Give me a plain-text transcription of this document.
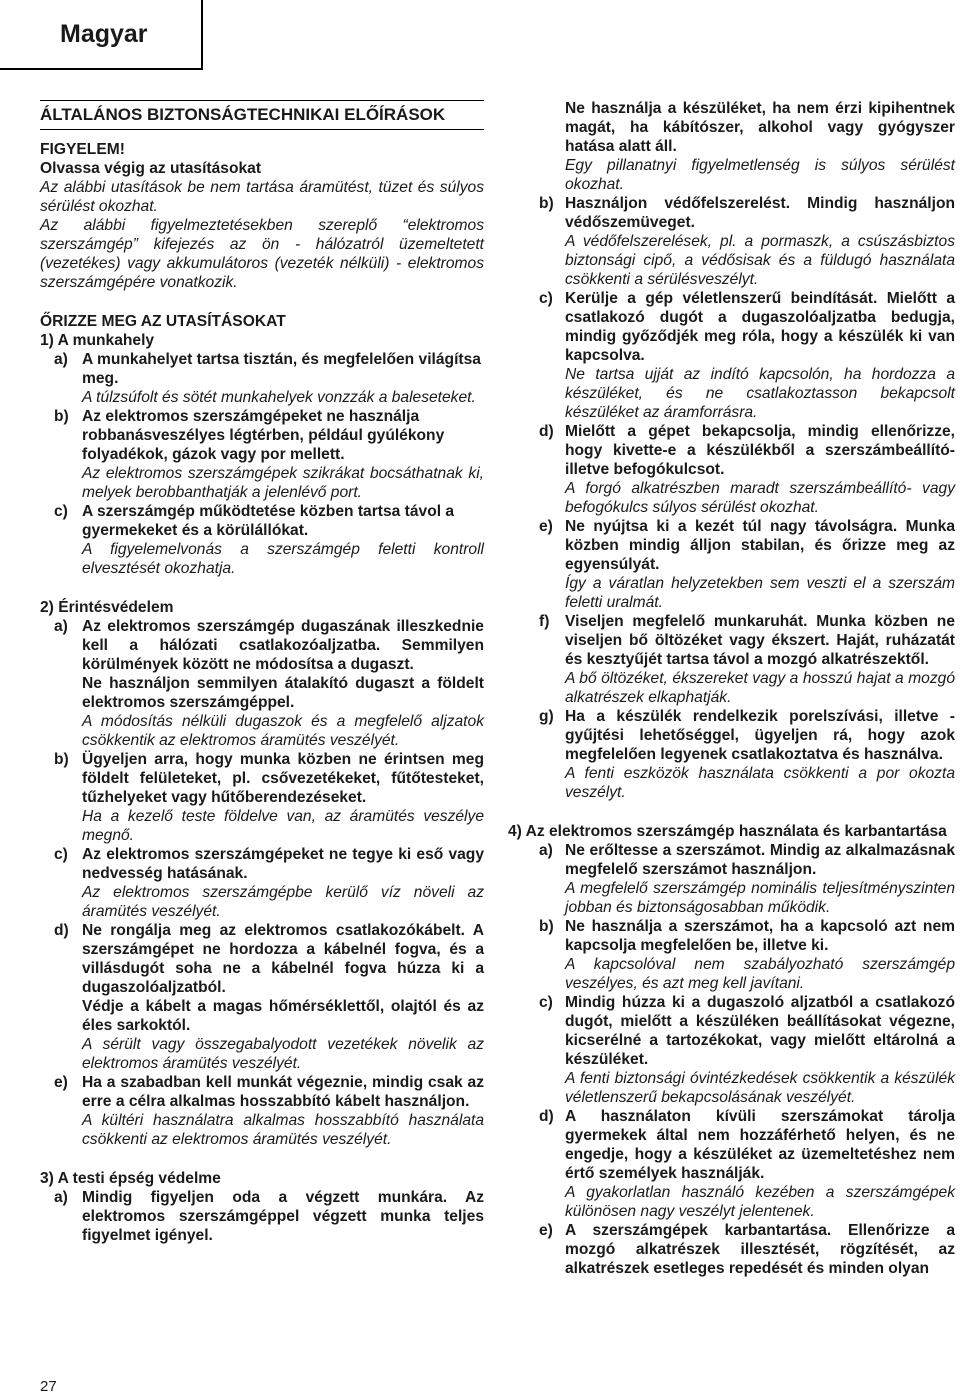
Magyar
ÁLTALÁNOS BIZTONSÁGTECHNIKAI ELŐÍRÁSOK

FIGYELEM!

Olvassa végig az utasításokat

Az alábbi utasítások be nem tartása áramütést, tüzet és súlyos sérülést okozhat.

Az alábbi figyelmeztetésekben szereplő “elektromos szerszámgép” kifejezés az ön - hálózatról üzemeltetett (vezetékes) vagy akkumulátoros (vezeték nélküli) - elektromos szerszámgépére vonatkozik.

ŐRIZZE MEG AZ UTASÍTÁSOKAT

1) A munkahely

a) A munkahelyet tartsa tisztán, és megfelelően világítsa meg.

A túlzsúfolt és sötét munkahelyek vonzzák a baleseteket.

b) Az elektromos szerszámgépeket ne használja robbanásveszélyes légtérben, például gyúlékony folyadékok, gázok vagy por mellett.

Az elektromos szerszámgépek szikrákat bocsáthatnak ki, melyek berobbanthatják a jelenlévő port.

c) A szerszámgép működtetése közben tartsa távol a gyermekeket és a körülállókat.

A figyelemelvonás a szerszámgép feletti kontroll elvesztését okozhatja.

2) Érintésvédelem

a) Az elektromos szerszámgép dugaszának illeszkednie kell a hálózati csatlakozóaljzatba. Semmilyen körülmények között ne módosítsa a dugaszt.

Ne használjon semmilyen átalakító dugaszt a földelt elektromos szerszámgéppel.

A módosítás nélküli dugaszok és a megfelelő aljzatok csökkentik az elektromos áramütés veszélyét.

b) Ügyeljen arra, hogy munka közben ne érintsen meg földelt felületeket, pl. csővezetékeket, fűtőtesteket, tűzhelyeket vagy hűtőberendezéseket.

Ha a kezelő teste földelve van, az áramütés veszélye megnő.

c) Az elektromos szerszámgépeket ne tegye ki eső vagy nedvesség hatásának.

Az elektromos szerszámgépbe kerülő víz növeli az áramütés veszélyét.

d) Ne rongálja meg az elektromos csatlakozókábelt. A szerszámgépet ne hordozza a kábelnél fogva, és a villásdugót soha ne a kábelnél fogva húzza ki a dugaszolóaljzatból.

Védje a kábelt a magas hőmérséklettől, olajtól és az éles sarkoktól.

A sérült vagy összegabalyodott vezetékek növelik az elektromos áramütés veszélyét.

e) Ha a szabadban kell munkát végeznie, mindig csak az erre a célra alkalmas hosszabbító kábelt használjon.

A kültéri használatra alkalmas hosszabbító használata csökkenti az elektromos áramütés veszélyét.

3) A testi épség védelme

a) Mindig figyeljen oda a végzett munkára. Az elektromos szerszámgéppel végzett munka teljes figyelmet igényel.

Ne használja a készüléket, ha nem érzi kipihentnek magát, ha kábítószer, alkohol vagy gyógyszer hatása alatt áll.

Egy pillanatnyi figyelmetlenség is súlyos sérülést okozhat.

b) Használjon védőfelszerelést. Mindig használjon védőszemüveget.

A védőfelszerelések, pl. a pormaszk, a csúszásbiztos biztonsági cipő, a védősisak és a füldugó használata csökkenti a sérülésveszélyt.

c) Kerülje a gép véletlenszerű beindítását. Mielőtt a csatlakozó dugót a dugaszolóaljzatba bedugja, mindig győződjék meg róla, hogy a készülék ki van kapcsolva.

Ne tartsa ujját az indító kapcsolón, ha hordozza a készüléket, és ne csatlakoztasson bekapcsolt készüléket az áramforrásra.

d) Mielőtt a gépet bekapcsolja, mindig ellenőrizze, hogy kivette-e a készülékből a szerszámbeállító-illetve befogókulcsot.

A forgó alkatrészben maradt szerszámbeállító- vagy befogókulcs súlyos sérülést okozhat.

e) Ne nyújtsa ki a kezét túl nagy távolságra. Munka közben mindig álljon stabilan, és őrizze meg az egyensúlyát.

Így a váratlan helyzetekben sem veszti el a szerszám feletti uralmát.

f)	Viseljen megfelelő munkaruhát. Munka közben ne viseljen bő öltözéket vagy ékszert. Haját, ruházatát és kesztyűjét tartsa távol a mozgó alkatrészektől.

A bő öltözéket, ékszereket vagy a hosszú hajat a mozgó alkatrészek elkaphatják.

g) Ha a készülék rendelkezik porelszívási, illetve - gyűjtési lehetőséggel, ügyeljen rá, hogy azok megfelelően legyenek csatlakoztatva és használva.

A fenti eszközök használata csökkenti a por okozta veszélyt.

4) Az elektromos szerszámgép használata és karbantartása

a) Ne erőltesse a szerszámot. Mindig az alkalmazásnak megfelelő szerszámot használjon.

A megfelelő szerszámgép nominális teljesítményszinten jobban és biztonságosabban működik.

b) Ne használja a szerszámot, ha a kapcsoló azt nem kapcsolja megfelelően be, illetve ki.

A kapcsolóval nem szabályozható szerszámgép veszélyes, és azt meg kell javítani.

c) Mindig húzza ki a dugaszoló aljzatból a csatlakozó dugót, mielőtt a készüléken beállításokat végezne, kicserélné a tartozékokat, vagy mielőtt eltárolná a készüléket.

A fenti biztonsági óvintézkedések csökkentik a készülék véletlenszerű bekapcsolásának veszélyét.

d) A használaton kívüli szerszámokat tárolja gyermekek által nem hozzáférhető helyen, és ne engedje, hogy a készüléket az üzemeltetéshez nem értő személyek használják.

A gyakorlatlan használó kezében a szerszámgépek különösen nagy veszélyt jelentenek.

e) A szerszámgépek karbantartása. Ellenőrizze a mozgó alkatrészek illesztését, rögzítését, az alkatrészek esetleges repedését és minden olyan

27
